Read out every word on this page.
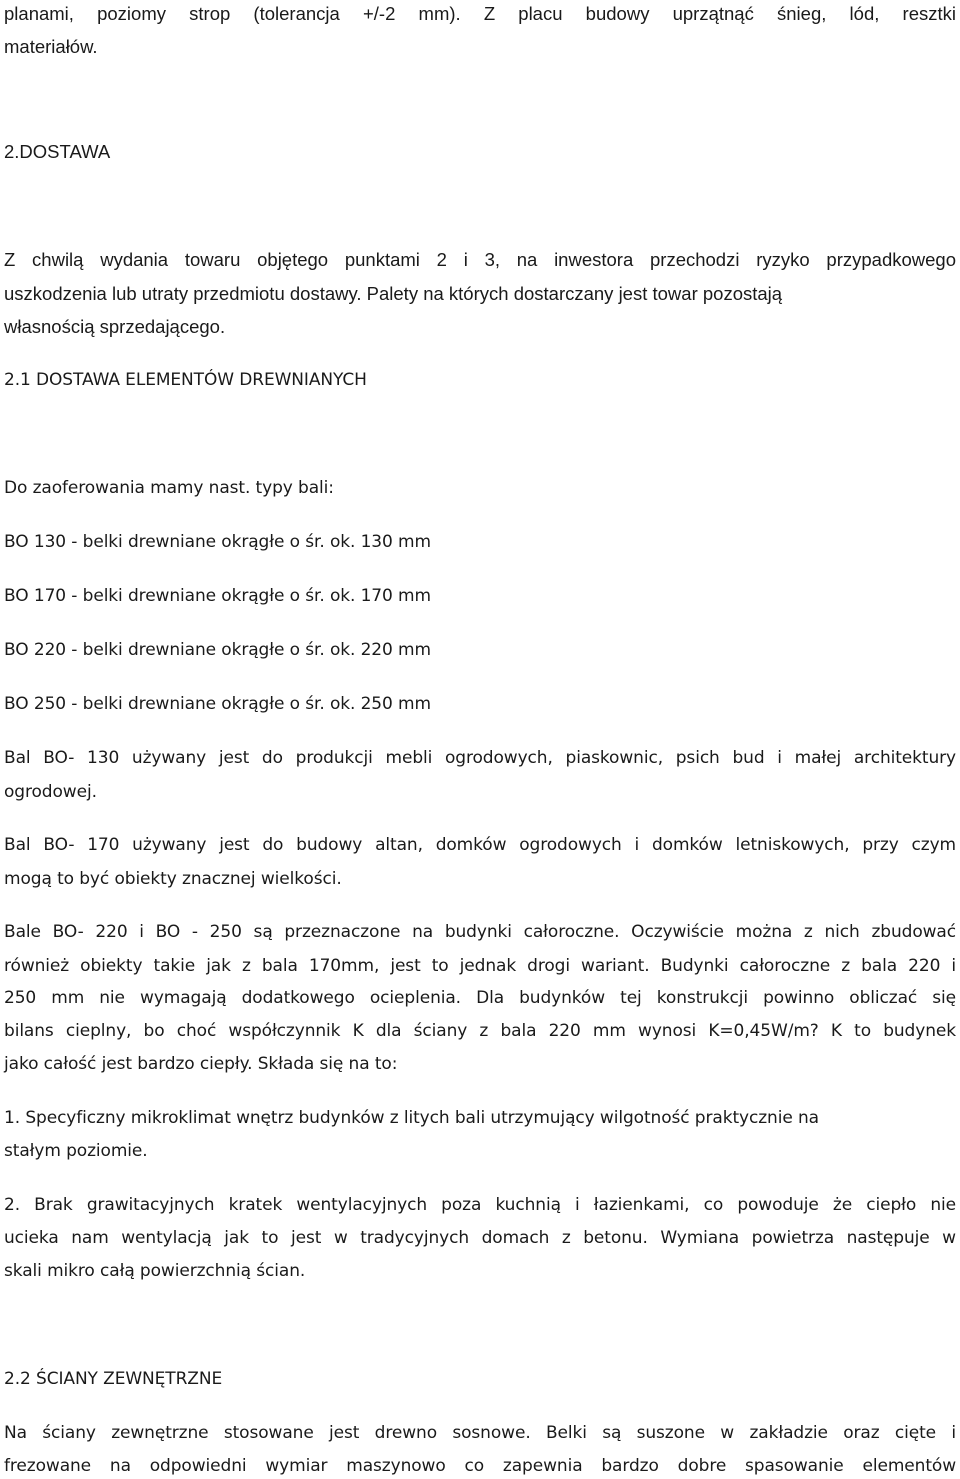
planami, poziomy strop (tolerancja +/-2 mm). Z placu budowy uprzątnąć śnieg, lód, resztki
materiałów.
2.DOSTAWA
Z chwilą wydania towaru objętego punktami 2 i 3, na inwestora przechodzi ryzyko przypadkowego
uszkodzenia lub utraty przedmiotu dostawy. Palety na których dostarczany jest towar pozostają
własnością sprzedającego.
2.1 DOSTAWA ELEMENTÓW DREWNIANYCH
Do zaoferowania mamy nast. typy bali:
BO 130 - belki drewniane okrągłe o śr. ok. 130 mm
BO 170 - belki drewniane okrągłe o śr. ok. 170 mm
BO 220 - belki drewniane okrągłe o śr. ok. 220 mm
BO 250 - belki drewniane okrągłe o śr. ok. 250 mm
Bal BO- 130 używany jest do produkcji mebli ogrodowych, piaskownic, psich bud i małej architektury
ogrodowej.
Bal BO- 170 używany jest do budowy altan, domków ogrodowych i domków letniskowych, przy czym
mogą to być obiekty znacznej wielkości.
Bale BO- 220 i BO - 250 są przeznaczone na budynki całoroczne. Oczywiście można z nich zbudować
również obiekty takie jak z bala 170mm, jest to jednak drogi wariant. Budynki całoroczne z bala 220 i
250 mm nie wymagają dodatkowego ocieplenia. Dla budynków tej konstrukcji powinno obliczać się
bilans cieplny, bo choć współczynnik K dla ściany z bala 220 mm wynosi K=0,45W/m? K to budynek
jako całość jest bardzo ciepły. Składa się na to:
1. Specyficzny mikroklimat wnętrz budynków z litych bali utrzymujący wilgotność praktycznie na
stałym poziomie.
2. Brak grawitacyjnych kratek wentylacyjnych poza kuchnią i łazienkami, co powoduje że ciepło nie
ucieka nam wentylacją jak to jest w tradycyjnych domach z betonu. Wymiana powietrza następuje w
skali mikro całą powierzchnią ścian.
2.2 ŚCIANY ZEWNĘTRZNE
Na ściany zewnętrzne stosowane jest drewno sosnowe. Belki są suszone w zakładzie oraz cięte i
frezowane na odpowiedni wymiar maszynowo co zapewnia bardzo dobre spasowanie elementów
